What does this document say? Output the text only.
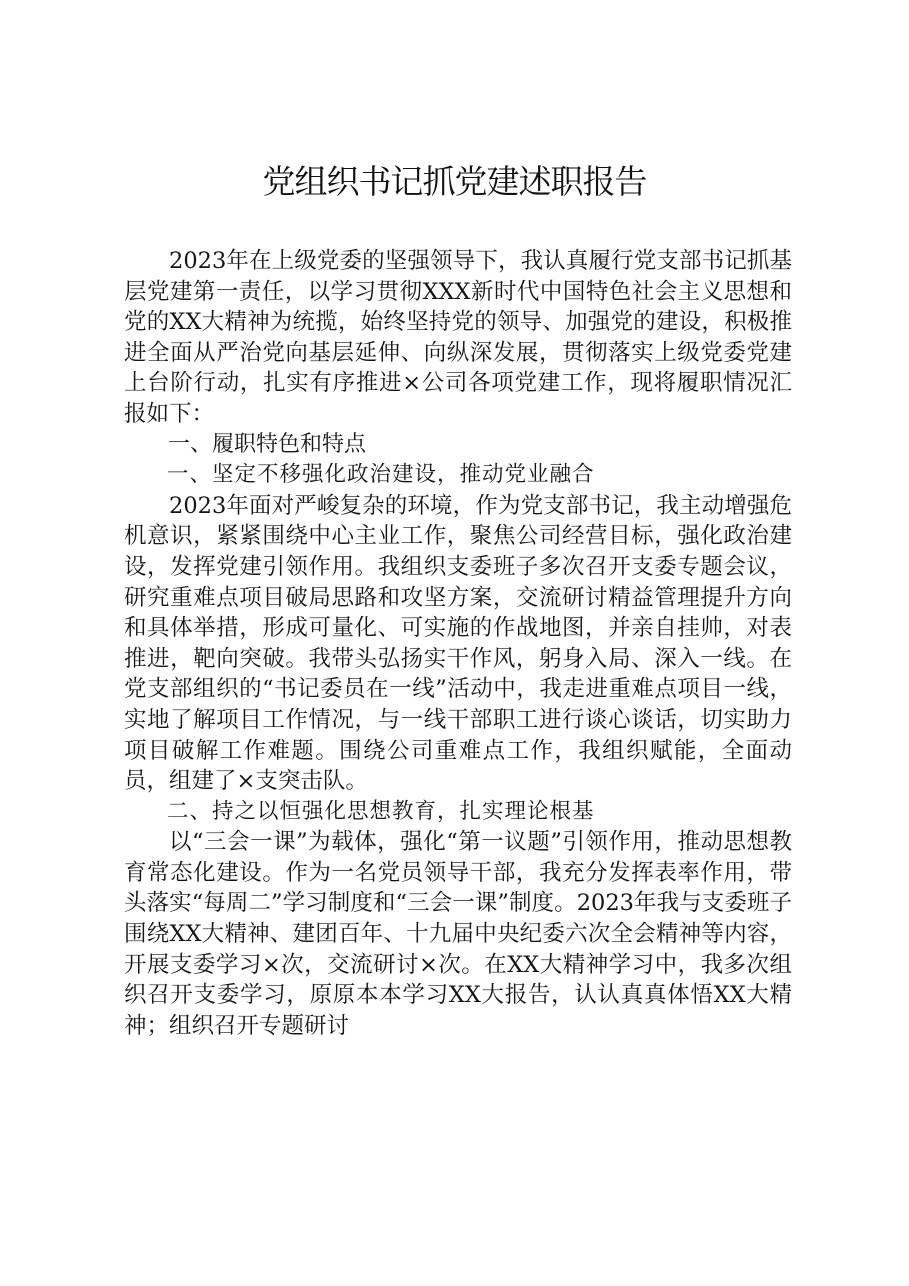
党组织书记抓党建述职报告

2023年在上级党委的坚强领导下，我认真履行党支部书记抓基层党建第一责任，以学习贯彻XXX新时代中国特色社会主义思想和党的XX大精神为统揽，始终坚持党的领导、加强党的建设，积极推进全面从严治党向基层延伸、向纵深发展，贯彻落实上级党委党建上台阶行动，扎实有序推进×公司各项党建工作，现将履职情况汇报如下：

一、履职特色和特点

一、坚定不移强化政治建设，推动党业融合

2023年面对严峻复杂的环境，作为党支部书记，我主动增强危机意识，紧紧围绕中心主业工作，聚焦公司经营目标，强化政治建设，发挥党建引领作用。我组织支委班子多次召开支委专题会议，研究重难点项目破局思路和攻坚方案，交流研讨精益管理提升方向和具体举措，形成可量化、可实施的作战地图，并亲自挂帅，对表推进，靶向突破。我带头弘扬实干作风，躬身入局、深入一线。在党支部组织的“书记委员在一线”活动中，我走进重难点项目一线，实地了解项目工作情况，与一线干部职工进行谈心谈话，切实助力项目破解工作难题。围绕公司重难点工作，我组织赋能，全面动员，组建了×支突击队。

二、持之以恒强化思想教育，扎实理论根基

以“三会一课”为载体，强化“第一议题”引领作用，推动思想教育常态化建设。作为一名党员领导干部，我充分发挥表率作用，带头落实“每周二”学习制度和“三会一课”制度。2023年我与支委班子围绕XX大精神、建团百年、十九届中央纪委六次全会精神等内容，开展支委学习×次，交流研讨×次。在XX大精神学习中，我多次组织召开支委学习，原原本本学习XX大报告，认认真真体悟XX大精神；组织召开专题研讨
